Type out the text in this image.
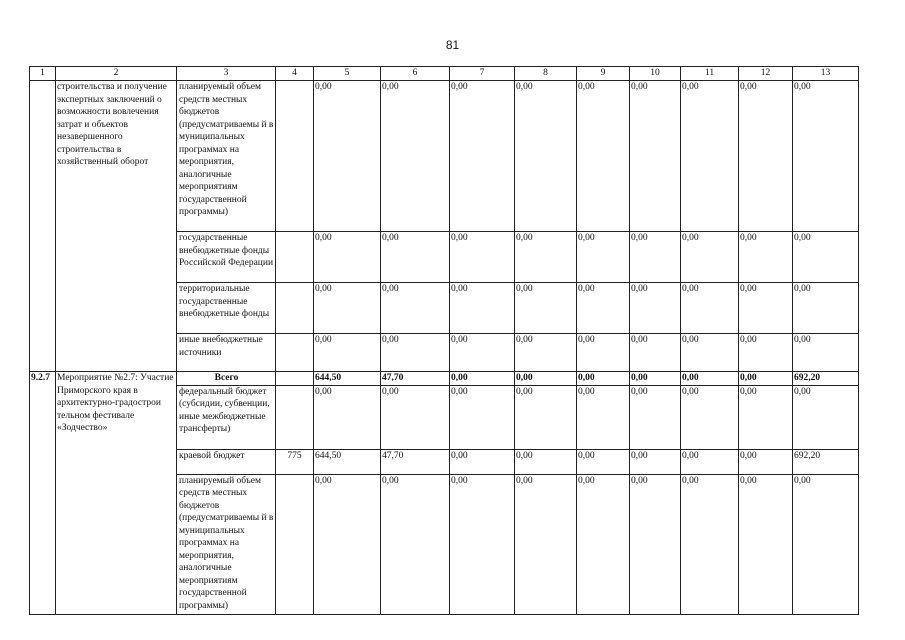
81
1	2	3	4	5	6	7	8	9	10	11	12	13
	строительства и получение экспертных заключений о возможности вовлечения затрат и объектов незавершенного строительства в хозяйственный оборот	планируемый объем средств местных бюджетов (предусматриваемы й в муниципальных программах на мероприятия, аналогичные мероприятиям государственной программы)		0,00	0,00	0,00	0,00	0,00	0,00	0,00	0,00	0,00
		государственные внебюджетные фонды Российской Федерации		0,00	0,00	0,00	0,00	0,00	0,00	0,00	0,00	0,00
		территориальные государственные внебюджетные фонды		0,00	0,00	0,00	0,00	0,00	0,00	0,00	0,00	0,00
		иные внебюджетные источники		0,00	0,00	0,00	0,00	0,00	0,00	0,00	0,00	0,00
9.2.7	Мероприятие №2.7: Участие Приморского края в архитектурно-градострои тельном фестивале «Зодчество»	Всего		644,50	47,70	0,00	0,00	0,00	0,00	0,00	0,00	692,20
		федеральный бюджет (субсидии, субвенции, иные межбюджетные трансферты)		0,00	0,00	0,00	0,00	0,00	0,00	0,00	0,00	0,00
		краевой бюджет	775	644,50	47,70	0,00	0,00	0,00	0,00	0,00	0,00	692,20
		планируемый объем средств местных бюджетов (предусматриваемы й в муниципальных программах на мероприятия, аналогичные мероприятиям государственной программы)		0,00	0,00	0,00	0,00	0,00	0,00	0,00	0,00	0,00
